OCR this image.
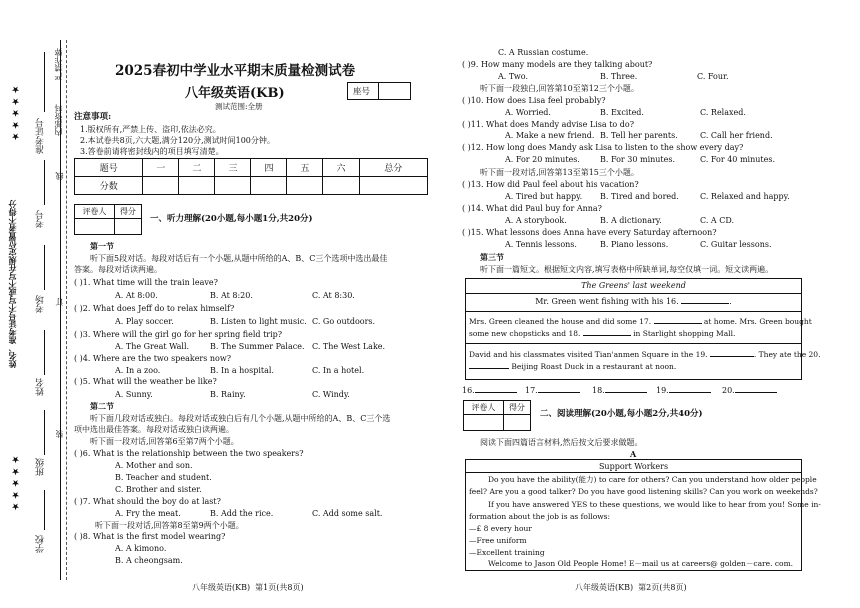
严禁作弊
内部资料
姓名、准考证号不写或不写在规定位置者不得分
★ ★ ★ ★ ★
★ ★ ★ ★ ★
准考证号
考号
考场
姓名
班级
学校
线
订
装
2025春初中学业水平期末质量检测试卷
八年级英语(KB)	座号
测试范围:全册
注意事项:
1.版权所有,严禁上传、盗印,依法必究。
2.本试卷共8页,六大题,满分120分,测试时间100分钟。
3.答卷前请将密封线内的项目填写清楚。
题号	一	二	三	四	五	六	总分
分数							
评卷人	得分

一、听力理解(20小题,每小题1分,共20分)
第一节
听下面5段对话。每段对话后有一个小题,从题中所给的A、B、C三个选项中选出最佳
答案。每段对话读两遍。
( )1. What time will the train leave?
A. At 8:00.	B. At 8:20.	C. At 8:30.
( )2. What does Jeff do to relax himself?
A. Play soccer.	B. Listen to light music. C. Go outdoors.
( )3. Where will the girl go for her spring field trip?
A. The Great Wall.	B. The Summer Palace. C. The West Lake.
( )4. Where are the two speakers now?
A. In a zoo.	B. In a hospital.	C. In a hotel.
( )5. What will the weather be like?
A. Sunny.	B. Rainy.	C. Windy.
第二节
听下面几段对话或独白。每段对话或独白后有几个小题,从题中所给的A、B、C三个选
项中选出最佳答案。每段对话或独白读两遍。
听下面一段对话,回答第6至第7两个小题。
( )6. What is the relationship between the two speakers?
A. Mother and son.
B. Teacher and student.
C. Brother and sister.
( )7. What should the boy do at last?
A. Fry the meat.	B. Add the rice.	C. Add some salt.
听下面一段对话,回答第8至第9两个小题。
( )8. What is the first model wearing?
A. A kimono.
B. A cheongsam.
八年级英语(KB)  第1页(共8页)
C. A Russian costume.
( )9. How many models are they talking about?
A. Two.	B. Three.	C. Four.
听下面一段独白,回答第10至第12三个小题。
( )10. How does Lisa feel probably?
A. Worried.	B. Excited.	C. Relaxed.
( )11. What does Mandy advise Lisa to do?
A. Make a new friend. B. Tell her parents.	C. Call her friend.
( )12. How long does Mandy ask Lisa to listen to the show every day?
A. For 20 minutes.	B. For 30 minutes.	C. For 40 minutes.
听下面一段对话,回答第13至第15三个小题。
( )13. How did Paul feel about his vacation?
A. Tired but happy. B. Tired and bored.	C. Relaxed and happy.
( )14. What did Paul buy for Anna?
A. A storybook.	B. A dictionary.	C. A CD.
( )15. What lessons does Anna have every Saturday afternoon?
A. Tennis lessons.	B. Piano lessons.	C. Guitar lessons.
第三节
听下面一篇短文。根据短文内容,填写表格中所缺单词,每空仅填一词。短文读两遍。
The Greens' last weekend
Mr. Green went fishing with his 16.	.
Mrs. Green cleaned the house and did some 17.	at home. Mrs. Green bought
some new chopsticks and 18.	in Starlight shopping Mall.
David and his classmates visited Tian'anmen Square in the 19.	. They ate the 20.
Beijing Roast Duck in a restaurant at noon.
16.	17.	18.	19.	20.
评卷人	得分

二、阅读理解(20小题,每小题2分,共40分)
阅读下面四篇语言材料,然后按文后要求做题。
A
Support Workers
Do you have the ability(能力) to care for others? Can you understand how older people
feel? Are you a good talker? Do you have good listening skills? Can you work on weekends?
If you have answered YES to these questions, we would like to hear from you! Some in-
formation about the job is as follows:
—£ 8 every hour
—Free uniform
—Excellent training
Welcome to Jason Old People Home! E－mail us at careers@ golden－care. com.
八年级英语(KB)  第2页(共8页)
